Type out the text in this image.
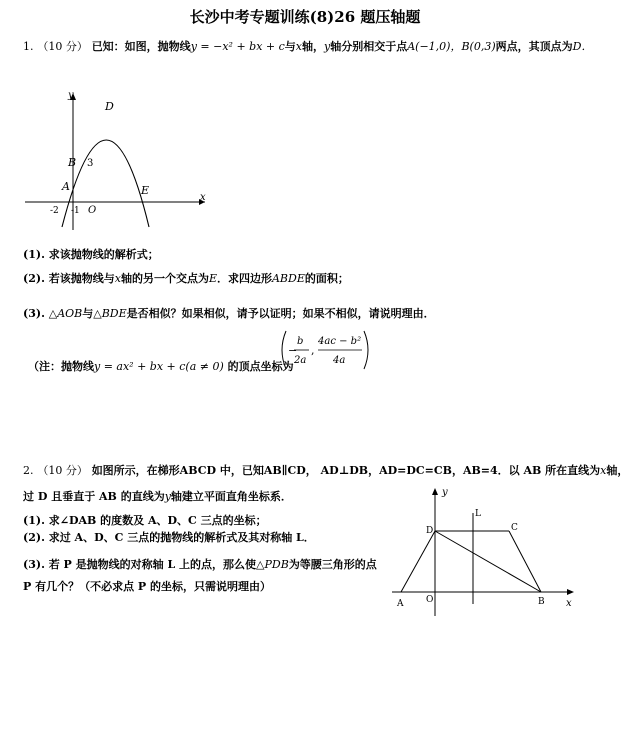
长沙中考专题训练(8)26 题压轴题
1. （10 分） 已知：如图，抛物线y = −x² + bx + c与x轴，y轴分别相交于点A(−1,0)，B(0,3)两点，其顶点为D．
y
x
D
B 3
A	E
-2 -1 O
(1). 求该抛物线的解析式；
(2). 若该抛物线与x轴的另一个交点为E．求四边形ABDE的面积；
(3). △AOB与△BDE是否相似？如果相似，请予以证明；如果不相似，请说明理由．
（注：抛物线y = ax² + bx + c(a ≠ 0) 的顶点坐标为
−
b
2a
,
4ac − b²
4a
2. （10 分） 如图所示，在梯形ABCD 中，已知AB∥CD， AD⊥DB，AD=DC=CB，AB=4．以 AB 所在直线为x轴，
过 D 且垂直于 AB 的直线为y轴建立平面直角坐标系．
(1). 求∠DAB 的度数及 A、D、C 三点的坐标；
(2). 求过 A、D、C 三点的抛物线的解析式及其对称轴 L．
(3). 若 P 是抛物线的对称轴 L 上的点，那么使△PDB为等腰三角形的点
P 有几个？（不必求点 P 的坐标，只需说明理由）
y
x
L
D	C
A	O	B
